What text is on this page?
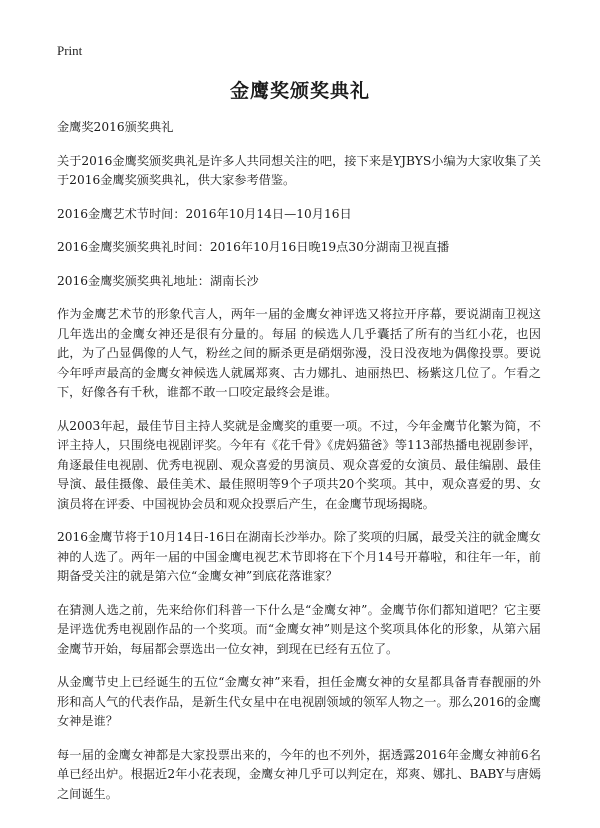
Print
金鹰奖颁奖典礼

金鹰奖2016颁奖典礼

关于2016金鹰奖颁奖典礼是许多人共同想关注的吧，接下来是YJBYS小编为大家收集了关于2016金鹰奖颁奖典礼，供大家参考借鉴。

2016金鹰艺术节时间：2016年10月14日—10月16日

2016金鹰奖颁奖典礼时间：2016年10月16日晚19点30分湖南卫视直播

2016金鹰奖颁奖典礼地址：湖南长沙

作为金鹰艺术节的形象代言人，两年一届的金鹰女神评选又将拉开序幕，要说湖南卫视这几年选出的金鹰女神还是很有分量的。每届 的候选人几乎囊括了所有的当红小花，也因此，为了凸显偶像的人气，粉丝之间的厮杀更是硝烟弥漫，没日没夜地为偶像投票。要说今年呼声最高的金鹰女神候选人就属郑爽、古力娜扎、迪丽热巴、杨紫这几位了。乍看之下，好像各有千秋，谁都不敢一口咬定最终会是谁。

从2003年起，最佳节目主持人奖就是金鹰奖的重要一项。不过，今年金鹰节化繁为简，不评主持人，只围绕电视剧评奖。今年有《花千骨》《虎妈猫爸》等113部热播电视剧参评，角逐最佳电视剧、优秀电视剧、观众喜爱的男演员、观众喜爱的女演员、最佳编剧、最佳导演、最佳摄像、最佳美术、最佳照明等9个子项共20个奖项。其中，观众喜爱的男、女演员将在评委、中国视协会员和观众投票后产生，在金鹰节现场揭晓。

2016金鹰节将于10月14日-16日在湖南长沙举办。除了奖项的归属，最受关注的就金鹰女神的人选了。两年一届的中国金鹰电视艺术节即将在下个月14号开幕啦，和往年一年，前期备受关注的就是第六位“金鹰女神”到底花落谁家？

在猜测人选之前，先来给你们科普一下什么是“金鹰女神”。金鹰节你们都知道吧？它主要是评选优秀电视剧作品的一个奖项。而“金鹰女神”则是这个奖项具体化的形象，从第六届金鹰节开始，每届都会票选出一位女神，到现在已经有五位了。

从金鹰节史上已经诞生的五位“金鹰女神”来看，担任金鹰女神的女星都具备青春靓丽的外形和高人气的代表作品，是新生代女星中在电视剧领域的领军人物之一。那么2016的金鹰女神是谁？

每一届的金鹰女神都是大家投票出来的，今年的也不列外，据透露2016年金鹰女神前6名单已经出炉。根据近2年小花表现，金鹰女神几乎可以判定在，郑爽、娜扎、BABY与唐嫣之间诞生。
